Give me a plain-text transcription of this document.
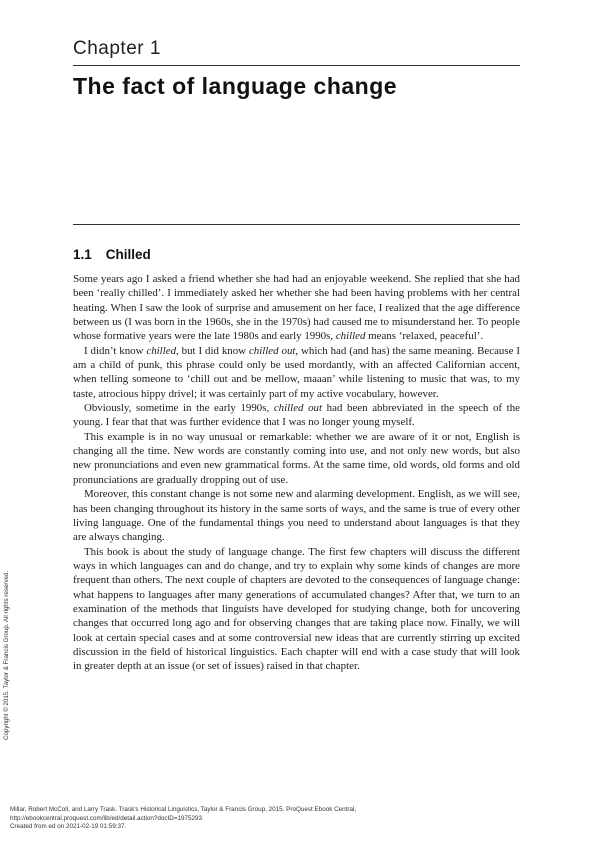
Chapter 1
The fact of language change
1.1 Chilled

Some years ago I asked a friend whether she had had an enjoyable weekend. She replied that she had been ‘really chilled’. I immediately asked her whether she had been having problems with her central heating. When I saw the look of surprise and amusement on her face, I realized that the age difference between us (I was born in the 1960s, she in the 1970s) had caused me to misunderstand her. To people whose formative years were the late 1980s and early 1990s, chilled means ‘relaxed, peaceful’.

I didn’t know chilled, but I did know chilled out, which had (and has) the same meaning. Because I am a child of punk, this phrase could only be used mordantly, with an affected Californian accent, when telling someone to ‘chill out and be mellow, maaan’ while listening to music that was, to my taste, atrocious hippy drivel; it was certainly part of my active vocabulary, however.

Obviously, sometime in the early 1990s, chilled out had been abbreviated in the speech of the young. I fear that that was further evidence that I was no longer young myself.

This example is in no way unusual or remarkable: whether we are aware of it or not, English is changing all the time. New words are constantly coming into use, and not only new words, but also new pronunciations and even new grammatical forms. At the same time, old words, old forms and old pronunciations are gradually dropping out of use.

Moreover, this constant change is not some new and alarming development. English, as we will see, has been changing throughout its history in the same sorts of ways, and the same is true of every other living language. One of the fundamental things you need to understand about languages is that they are always changing.

This book is about the study of language change. The first few chapters will discuss the different ways in which languages can and do change, and try to explain why some kinds of changes are more frequent than others. The next couple of chapters are devoted to the consequences of language change: what happens to languages after many generations of accumulated changes? After that, we turn to an examination of the methods that linguists have developed for studying change, both for uncovering changes that occurred long ago and for observing changes that are taking place now. Finally, we will look at certain special cases and at some controversial new ideas that are currently stirring up excited discussion in the field of historical linguistics. Each chapter will end with a case study that will look in greater depth at an issue (or set of issues) raised in that chapter.

Copyright © 2015. Taylor & Francis Group. All rights reserved.
Millar, Robert McColl, and Larry Trask. Trask's Historical Linguistics, Taylor & Francis Group, 2015. ProQuest Ebook Central,
http://ebookcentral.proquest.com/lib/ed/detail.action?docID=1975293.
Created from ed on 2021-02-19 01:59:37.
